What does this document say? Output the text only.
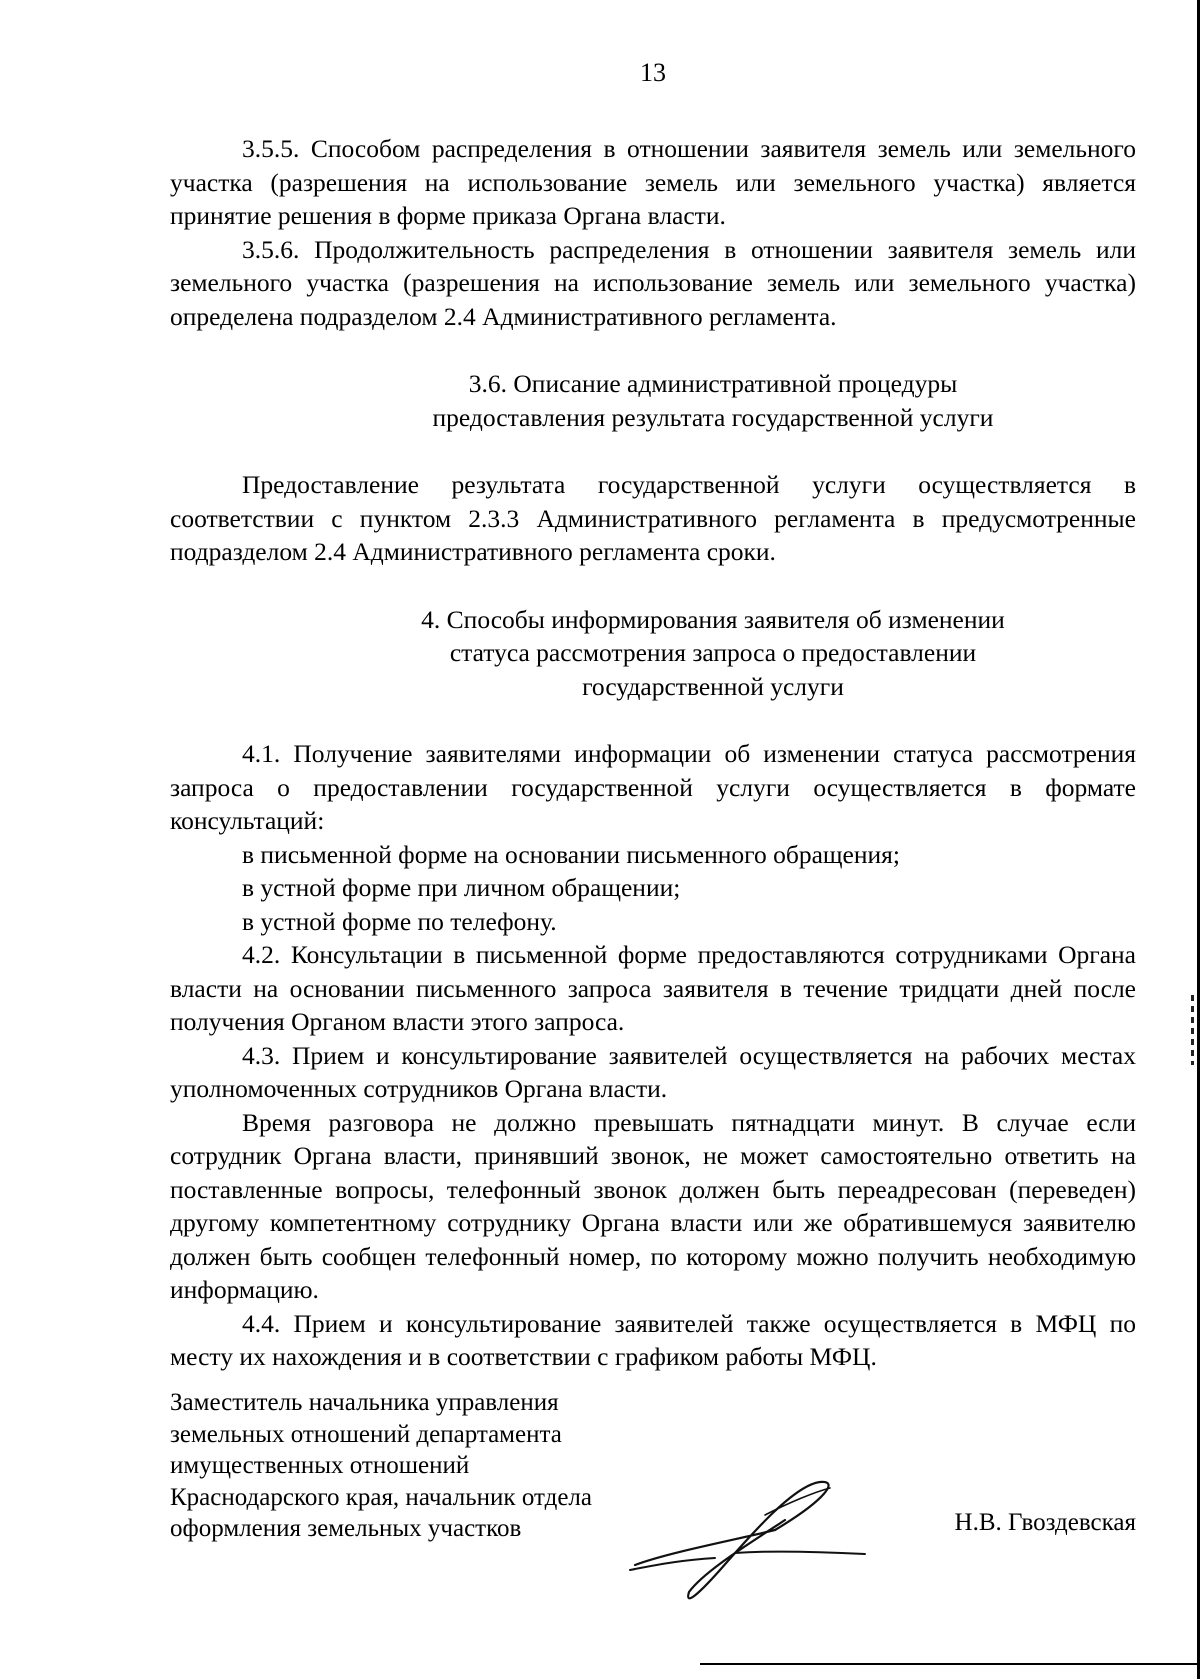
13

3.5.5. Способом распределения в отношении заявителя земель или земельного участка (разрешения на использование земель или земельного участка) является принятие решения в форме приказа Органа власти.

3.5.6. Продолжительность распределения в отношении заявителя земель или земельного участка (разрешения на использование земель или земельного участка) определена подразделом 2.4 Административного регламента.

3.6. Описание административной процедуры
предоставления результата государственной услуги

Предоставление результата государственной услуги осуществляется в соответствии с пунктом 2.3.3 Административного регламента в предусмотренные подразделом 2.4 Административного регламента сроки.

4. Способы информирования заявителя об изменении
статуса рассмотрения запроса о предоставлении
государственной услуги

4.1. Получение заявителями информации об изменении статуса рассмотрения запроса о предоставлении государственной услуги осуществляется в формате консультаций:

в письменной форме на основании письменного обращения;

в устной форме при личном обращении;

в устной форме по телефону.

4.2. Консультации в письменной форме предоставляются сотрудниками Органа власти на основании письменного запроса заявителя в течение тридцати дней после получения Органом власти этого запроса.

4.3. Прием и консультирование заявителей осуществляется на рабочих местах уполномоченных сотрудников Органа власти.

Время разговора не должно превышать пятнадцати минут. В случае если сотрудник Органа власти, принявший звонок, не может самостоятельно ответить на поставленные вопросы, телефонный звонок должен быть переадресован (переведен) другому компетентному сотруднику Органа власти или же обратившемуся заявителю должен быть сообщен телефонный номер, по которому можно получить необходимую информацию.

4.4. Прием и консультирование заявителей также осуществляется в МФЦ по месту их нахождения и в соответствии с графиком работы МФЦ.

Заместитель начальника управления
земельных отношений департамента
имущественных отношений
Краснодарского края, начальник отдела
оформления земельных участков	Н.В. Гвоздевская
